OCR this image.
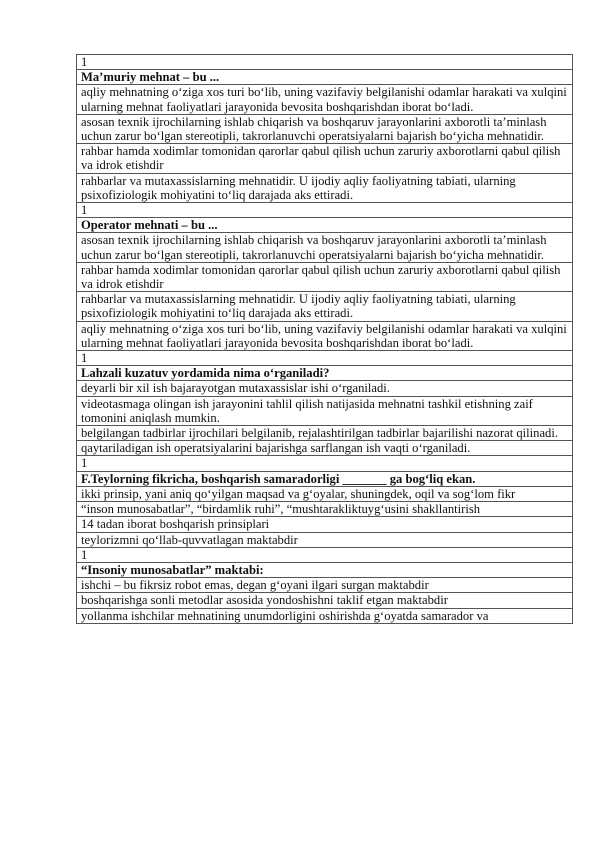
1
Ma’muriy mehnat – bu ...
aqliy mehnatning o‘ziga xos turi bo‘lib, uning vazifaviy belgilanishi odamlar harakati va xulqini ularning mehnat faoliyatlari jarayonida bevosita boshqarishdan iborat bo‘ladi.
asosan texnik ijrochilarning ishlab chiqarish va boshqaruv jarayonlarini axborotli ta’minlash uchun zarur bo‘lgan stereotipli, takrorlanuvchi operatsiyalarni bajarish bo‘yicha mehnatidir.
rahbar hamda xodimlar tomonidan qarorlar qabul qilish uchun zaruriy axborotlarni qabul qilish va idrok etishdir
rahbarlar va mutaxassislarning mehnatidir. U ijodiy aqliy faoliyatning tabiati, ularning psixofiziologik mohiyatini to‘liq darajada aks ettiradi.
1
Operator mehnati – bu ...
asosan texnik ijrochilarning ishlab chiqarish va boshqaruv jarayonlarini axborotli ta’minlash uchun zarur bo‘lgan stereotipli, takrorlanuvchi operatsiyalarni bajarish bo‘yicha mehnatidir.
rahbar hamda xodimlar tomonidan qarorlar qabul qilish uchun zaruriy axborotlarni qabul qilish va idrok etishdir
rahbarlar va mutaxassislarning mehnatidir. U ijodiy aqliy faoliyatning tabiati, ularning psixofiziologik mohiyatini to‘liq darajada aks ettiradi.
aqliy mehnatning o‘ziga xos turi bo‘lib, uning vazifaviy belgilanishi odamlar harakati va xulqini ularning mehnat faoliyatlari jarayonida bevosita boshqarishdan iborat bo‘ladi.
1
Lahzali kuzatuv yordamida nima o‘rganiladi?
deyarli bir xil ish bajarayotgan mutaxassislar ishi o‘rganiladi.
videotasmaga olingan ish jarayonini tahlil qilish natijasida mehnatni tashkil etishning zaif tomonini aniqlash mumkin.
belgilangan tadbirlar ijrochilari belgilanib, rejalashtirilgan tadbirlar bajarilishi nazorat qilinadi.
qaytariladigan ish operatsiyalarini bajarishga sarflangan ish vaqti o‘rganiladi.
1
F.Teylorning fikricha, boshqarish samaradorligi _______ ga bog‘liq ekan.
ikki prinsip, yani aniq qo‘yilgan maqsad va g‘oyalar, shuningdek, oqil va sog‘lom fikr
“inson munosabatlar”, “birdamlik ruhi”, “mushtarakliktuyg‘usini shakllantirish
14 tadan iborat boshqarish prinsiplari
teylorizmni qo‘llab-quvvatlagan maktabdir
1
“Insoniy munosabatlar” maktabi:
ishchi – bu fikrsiz robot emas, degan g‘oyani ilgari surgan maktabdir
boshqarishga sonli metodlar asosida yondoshishni taklif etgan maktabdir
yollanma ishchilar mehnatining unumdorligini oshirishda g‘oyatda samarador va
